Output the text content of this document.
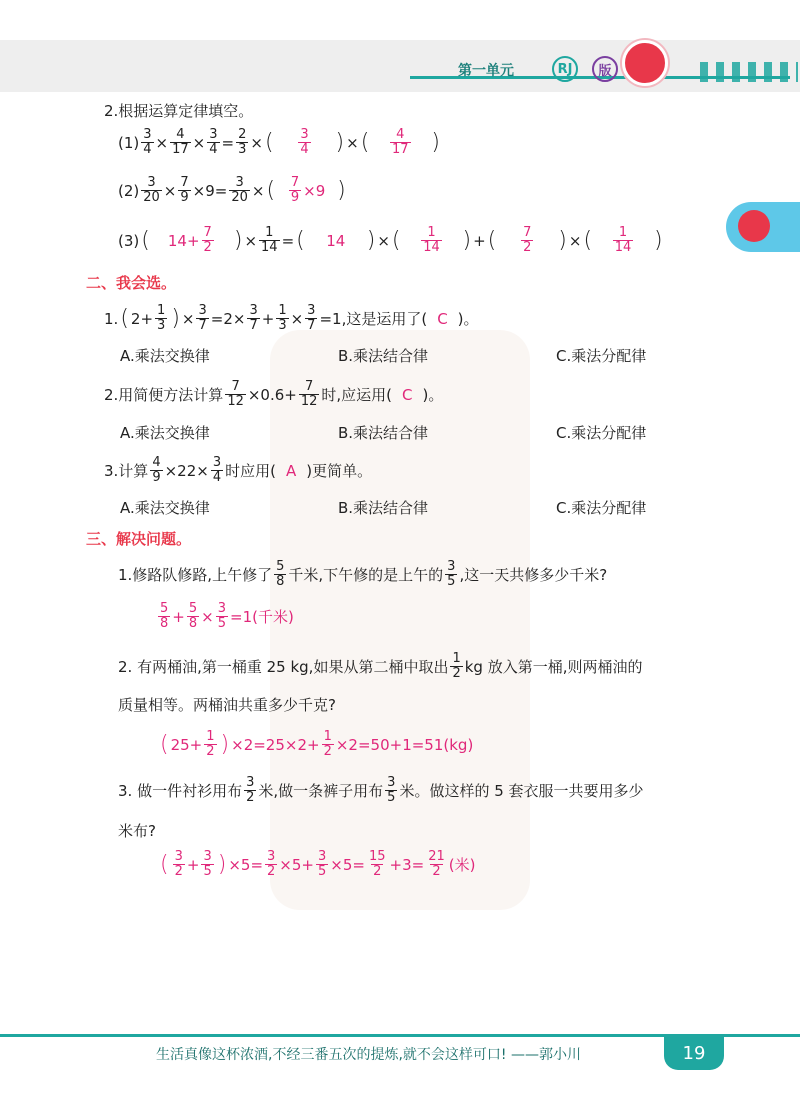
第一单元	RJ	版
2.根据运算定律填空。
$(1) \frac{3}{4} \times \frac{4}{17} \times \frac{3}{4} = \frac{2}{3}$ × ( $\frac{3}{4}$ ) × ( $\frac{4}{17}$ )
$(2) \frac{3}{20} \times \frac{7}{9} \times 9= \frac{3}{20}$ × ( $\frac{7}{9} \times 9$ )
(3) ( $14+ \frac{7}{2}$ ) × $\frac{1}{14}$ = ( 14 ) × ( $\frac{1}{14}$ ) + ( $\frac{7}{2}$ ) × ( $\frac{1}{14}$ )
二、我会选。
1. ( $2+ \frac{1}{3}$ ) × $\frac{3}{7} =2\times \frac{3}{7} + \frac{1}{3} \times \frac{3}{7} =1$,这是运用了( C )。
A.乘法交换律	B.乘法结合律	C.乘法分配律
2.用简便方法计算 $\frac{7}{12} \times 0.6+ \frac{7}{12}$ 时,应运用( C )。
A.乘法交换律	B.乘法结合律	C.乘法分配律
3.计算 $\frac{4}{9} \times 22\times \frac{3}{4}$ 时应用( A )更简单。
A.乘法交换律	B.乘法结合律	C.乘法分配律
三、解决问题。
1.修路队修路,上午修了 $\frac{5}{8}$ 千米,下午修的是上午的 $\frac{3}{5}$ ,这一天共修多少千米?
$\frac{5}{8} + \frac{5}{8} \times \frac{3}{5} =1$(千米)
2. 有两桶油,第一桶重 25 kg,如果从第二桶中取出 $\frac{1}{2}$ kg 放入第一桶,则两桶油的
质量相等。两桶油共重多少千克?
( $25+ \frac{1}{2}$ ) $\times 2=25\times 2+ \frac{1}{2} \times 2=50+1=51(kg)$
3. 做一件衬衫用布 $\frac{3}{2}$ 米,做一条裤子用布 $\frac{3}{5}$ 米。做这样的 5 套衣服一共要用多少
米布?
( $\frac{3}{2} + \frac{3}{5}$ ) $\times 5= \frac{3}{2} \times 5+ \frac{3}{5} \times 5= \frac{15}{2} +3= \frac{21}{2}$ (米)
生活真像这杯浓酒,不经三番五次的提炼,就不会这样可口! ——郭小川	19
